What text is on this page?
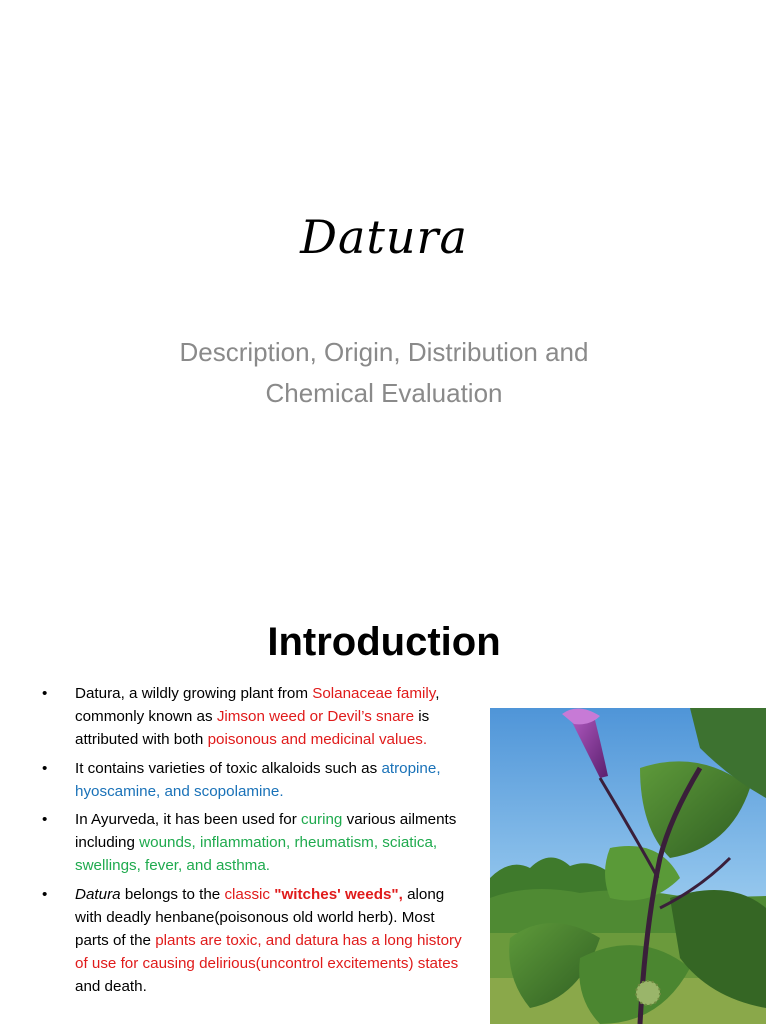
Datura
Description, Origin, Distribution and
Chemical Evaluation
Introduction
• Datura, a wildly growing plant from Solanaceae family, commonly known as Jimson weed or Devil’s snare is attributed with both poisonous and medicinal values.
• It contains varieties of toxic alkaloids such as atropine, hyoscamine, and scopolamine.
• In Ayurveda, it has been used for curing various ailments including wounds, inflammation, rheumatism, sciatica, swellings, fever, and asthma.
• Datura belongs to the classic "witches' weeds", along with deadly henbane(poisonous old world herb). Most parts of the plants are toxic, and datura has a long history of use for causing delirious(uncontrol excitements) states and death.
